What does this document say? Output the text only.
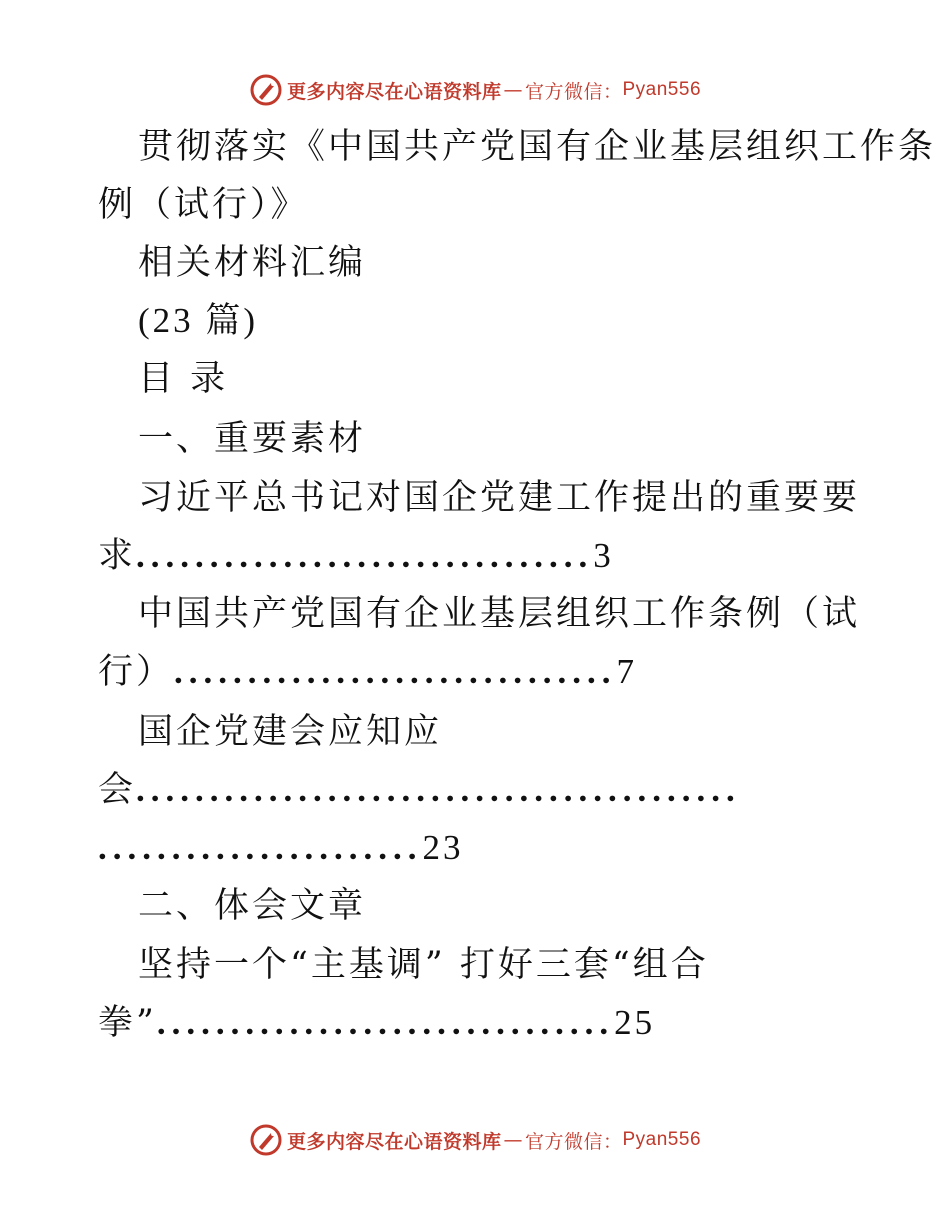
更多内容尽在心语资料库 — 官方微信： Pyan556
贯彻落实《中国共产党国有企业基层组织工作条
例（试行）》
相关材料汇编
(23 篇)
目 录
一、重要素材
习近平总书记对国企党建工作提出的重要要
求...............................3
中国共产党国有企业基层组织工作条例（试
行）..............................7
国企党建会应知应
会.........................................
......................23
二、体会文章
坚持一个“主基调” 打好三套“组合
拳”...............................25
更多内容尽在心语资料库 — 官方微信： Pyan556
